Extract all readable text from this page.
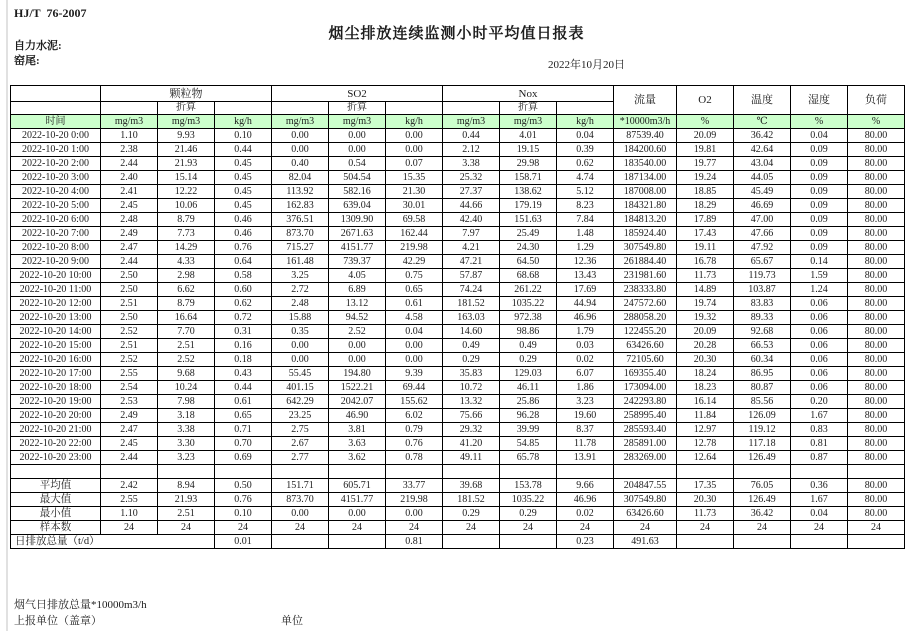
HJ/T  76-2007
烟尘排放连续监测小时平均值日报表
自力水泥:
窑尾:	2022年10月20日
	颗粒物			SO2			Nox			流量	O2	温度	湿度	负荷
		折算			折算			折算						
时间	mg/m3	mg/m3	kg/h	mg/m3	mg/m3	kg/h	mg/m3	mg/m3	kg/h	*10000m3/h	%	℃	%	%
2022-10-20 0:00	1.10	9.93	0.10	0.00	0.00	0.00	0.44	4.01	0.04	87539.40	20.09	36.42	0.04	80.00
2022-10-20 1:00	2.38	21.46	0.44	0.00	0.00	0.00	2.12	19.15	0.39	184200.60	19.81	42.64	0.09	80.00
2022-10-20 2:00	2.44	21.93	0.45	0.40	0.54	0.07	3.38	29.98	0.62	183540.00	19.77	43.04	0.09	80.00
2022-10-20 3:00	2.40	15.14	0.45	82.04	504.54	15.35	25.32	158.71	4.74	187134.00	19.24	44.05	0.09	80.00
2022-10-20 4:00	2.41	12.22	0.45	113.92	582.16	21.30	27.37	138.62	5.12	187008.00	18.85	45.49	0.09	80.00
2022-10-20 5:00	2.45	10.06	0.45	162.83	639.04	30.01	44.66	179.19	8.23	184321.80	18.29	46.69	0.09	80.00
2022-10-20 6:00	2.48	8.79	0.46	376.51	1309.90	69.58	42.40	151.63	7.84	184813.20	17.89	47.00	0.09	80.00
2022-10-20 7:00	2.49	7.73	0.46	873.70	2671.63	162.44	7.97	25.49	1.48	185924.40	17.43	47.66	0.09	80.00
2022-10-20 8:00	2.47	14.29	0.76	715.27	4151.77	219.98	4.21	24.30	1.29	307549.80	19.11	47.92	0.09	80.00
2022-10-20 9:00	2.44	4.33	0.64	161.48	739.37	42.29	47.21	64.50	12.36	261884.40	16.78	65.67	0.14	80.00
2022-10-20 10:00	2.50	2.98	0.58	3.25	4.05	0.75	57.87	68.68	13.43	231981.60	11.73	119.73	1.59	80.00
2022-10-20 11:00	2.50	6.62	0.60	2.72	6.89	0.65	74.24	261.22	17.69	238333.80	14.89	103.87	1.24	80.00
2022-10-20 12:00	2.51	8.79	0.62	2.48	13.12	0.61	181.52	1035.22	44.94	247572.60	19.74	83.83	0.06	80.00
2022-10-20 13:00	2.50	16.64	0.72	15.88	94.52	4.58	163.03	972.38	46.96	288058.20	19.32	89.33	0.06	80.00
2022-10-20 14:00	2.52	7.70	0.31	0.35	2.52	0.04	14.60	98.86	1.79	122455.20	20.09	92.68	0.06	80.00
2022-10-20 15:00	2.51	2.51	0.16	0.00	0.00	0.00	0.49	0.49	0.03	63426.60	20.28	66.53	0.06	80.00
2022-10-20 16:00	2.52	2.52	0.18	0.00	0.00	0.00	0.29	0.29	0.02	72105.60	20.30	60.34	0.06	80.00
2022-10-20 17:00	2.55	9.68	0.43	55.45	194.80	9.39	35.83	129.03	6.07	169355.40	18.24	86.95	0.06	80.00
2022-10-20 18:00	2.54	10.24	0.44	401.15	1522.21	69.44	10.72	46.11	1.86	173094.00	18.23	80.87	0.06	80.00
2022-10-20 19:00	2.53	7.98	0.61	642.29	2042.07	155.62	13.32	25.86	3.23	242293.80	16.14	85.56	0.20	80.00
2022-10-20 20:00	2.49	3.18	0.65	23.25	46.90	6.02	75.66	96.28	19.60	258995.40	11.84	126.09	1.67	80.00
2022-10-20 21:00	2.47	3.38	0.71	2.75	3.81	0.79	29.32	39.99	8.37	285593.40	12.97	119.12	0.83	80.00
2022-10-20 22:00	2.45	3.30	0.70	2.67	3.63	0.76	41.20	54.85	11.78	285891.00	12.78	117.18	0.81	80.00
2022-10-20 23:00	2.44	3.23	0.69	2.77	3.62	0.78	49.11	65.78	13.91	283269.00	12.64	126.49	0.87	80.00

平均值	2.42	8.94	0.50	151.71	605.71	33.77	39.68	153.78	9.66	204847.55	17.35	76.05	0.36	80.00
最大值	2.55	21.93	0.76	873.70	4151.77	219.98	181.52	1035.22	46.96	307549.80	20.30	126.49	1.67	80.00
最小值	1.10	2.51	0.10	0.00	0.00	0.00	0.29	0.29	0.02	63426.60	11.73	36.42	0.04	80.00
样本数	24	24	24	24	24	24	24	24	24	24	24	24	24	24
日排放总量（t/d）			0.01			0.81			0.23	491.63				
烟气日排放总量*10000m3/h
上报单位（盖章）	单位
